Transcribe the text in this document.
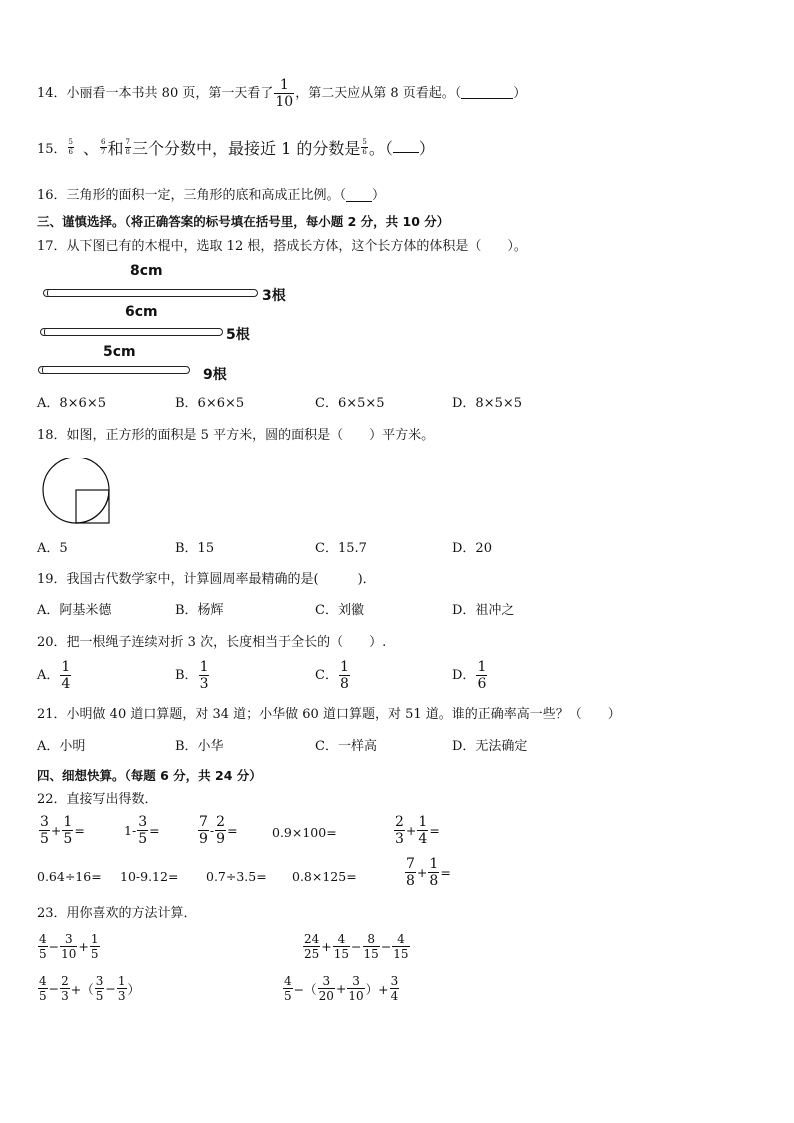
14．小丽看一本书共 80 页，第一天看了 $\frac{1}{10}$ ，第二天应从第 8 页看起。（	）
15． $\frac{5}{6}$ 、 $\frac{6}{7}$ 和 $\frac{7}{8}$ 三个分数中，最接近 1 的分数是 $\frac{5}{6}$ 。（ ）
16．三角形的面积一定，三角形的底和高成正比例。（ ）
三、谨慎选择。（将正确答案的标号填在括号里，每小题 2 分，共 10 分）
17．从下图已有的木棍中，选取 12 根，搭成长方体，这个长方体的体积是（　　）。
8cm
3根
6cm
5根
5cm
9根
A．8×6×5	B．6×6×5	C．6×5×5	D．8×5×5
18．如图，正方形的面积是 5 平方米，圆的面积是（　　）平方米。
A．5	B．15	C．15.7	D．20
19．我国古代数学家中，计算圆周率最精确的是(　　　)．
A．阿基米德	B．杨辉	C．刘徽	D．祖冲之
20．把一根绳子连续对折 3 次，长度相当于全长的（　　）.
A． $\frac{1}{4}$	B． $\frac{1}{3}$	C． $\frac{1}{8}$	D． $\frac{1}{6}$
21．小明做 40 道口算题，对 34 道；小华做 60 道口算题，对 51 道。谁的正确率高一些？（　　）
A．小明	B．小华	C．一样高	D．无法确定
四、细想快算。（每题 6 分，共 24 分）
22．直接写出得数．
$\frac{3}{5} + \frac{1}{5}$ =	$1- \frac{3}{5}$ =	$\frac{7}{9} - \frac{2}{9}$ =	0.9×100=	$\frac{2}{3} + \frac{1}{4}$ =
0.64÷16= 10-9.12= 0.7÷3.5= 0.8×125=	$\frac{7}{8} + \frac{1}{8}$ =
23．用你喜欢的方法计算．
$\frac{4}{5} - \frac{3}{10} + \frac{1}{5}$	$\frac{24}{25} + \frac{4}{15} - \frac{8}{15} - \frac{4}{15}$
$\frac{4}{5} - \frac{2}{3}$ +（ $\frac{3}{5} - \frac{1}{3}$ ）	$\frac{4}{5}$ −（ $\frac{3}{20} + \frac{3}{10}$ ）+ $\frac{3}{4}$
